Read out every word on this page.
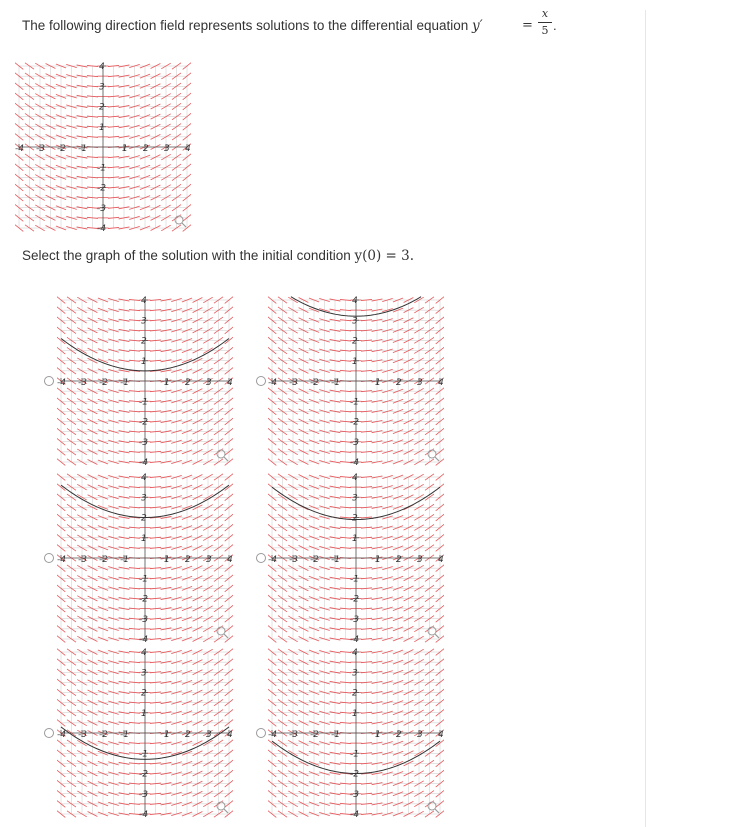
The following direction field represents solutions to the differential equation y′	=
x
5 .
-4 -3 -2 -1	1 2 3 4
4
3
2
1
-1
-2
-3
-4
Select the graph of the solution with the initial condition y(0) = 3.
-4 -3 -2 -1	1 2 3 4
4
3
2
1
-1
-2
-3
-4
-4 -3 -2 -1	1 2 3 4
4
3
2
1
-1
-2
-3
-4
-4 -3 -2 -1	1 2 3 4
4
3
2
1
-1
-2
-3
-4
-4 -3 -2 -1	1 2 3 4
4
3
2
1
-1
-2
-3
-4
-4 -3 -2 -1	1 2 3 4
4
3
2
1
-1
-2
-3
-4
-4 -3 -2 -1	1 2 3 4
4
3
2
1
-1
-2
-3
-4
